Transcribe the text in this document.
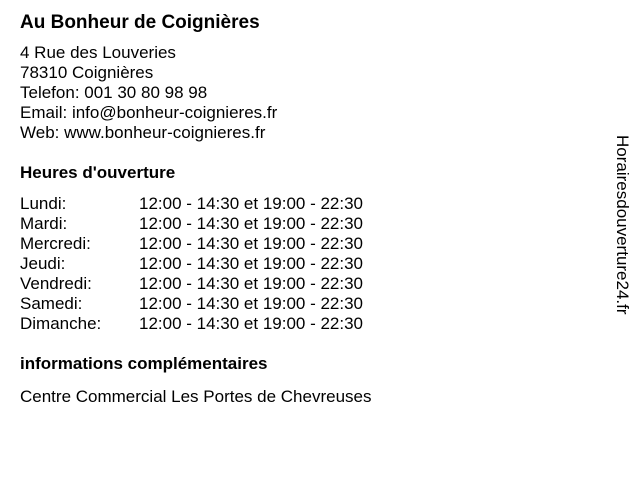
Au Bonheur de Coignières
4 Rue des Louveries
78310 Coignières
Telefon: 001 30 80 98 98
Email: info@bonheur-coignieres.fr
Web: www.bonheur-coignieres.fr
Heures d'ouverture
Lundi:	12:00 - 14:30 et 19:00 - 22:30
Mardi:	12:00 - 14:30 et 19:00 - 22:30
Mercredi:	12:00 - 14:30 et 19:00 - 22:30
Jeudi:	12:00 - 14:30 et 19:00 - 22:30
Vendredi:	12:00 - 14:30 et 19:00 - 22:30
Samedi:	12:00 - 14:30 et 19:00 - 22:30
Dimanche:	12:00 - 14:30 et 19:00 - 22:30
informations complémentaires
Centre Commercial Les Portes de Chevreuses
Horairesdouverture24.fr
